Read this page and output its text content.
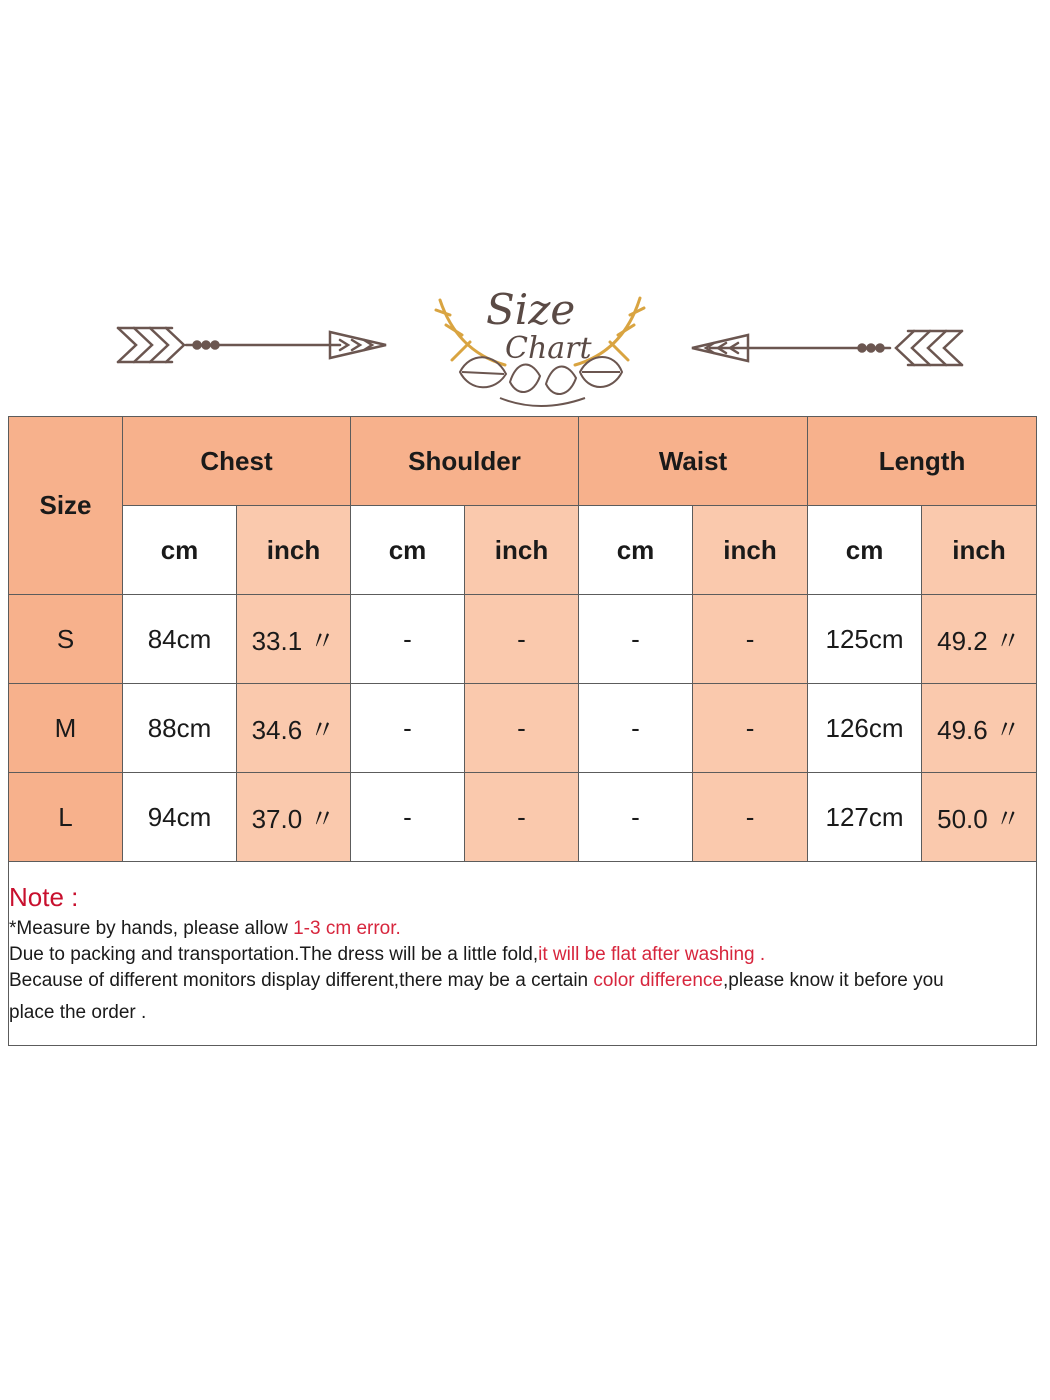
Size
Chart
Size	Chest		Shoulder		Waist		Length	
	cm	inch	cm	inch	cm	inch	cm	inch
S	84cm	33.1 〃	-	-	-	-	125cm	49.2 〃
M	88cm	34.6 〃	-	-	-	-	126cm	49.6 〃
L	94cm	37.0 〃	-	-	-	-	127cm	50.0 〃
Note :
*Measure by hands, please allow 1-3 cm error.
Due to packing and transportation.The dress will be a little fold,it will be flat after washing .
Because of different monitors display different,there may be a certain color difference,please know it before you
place the order .
